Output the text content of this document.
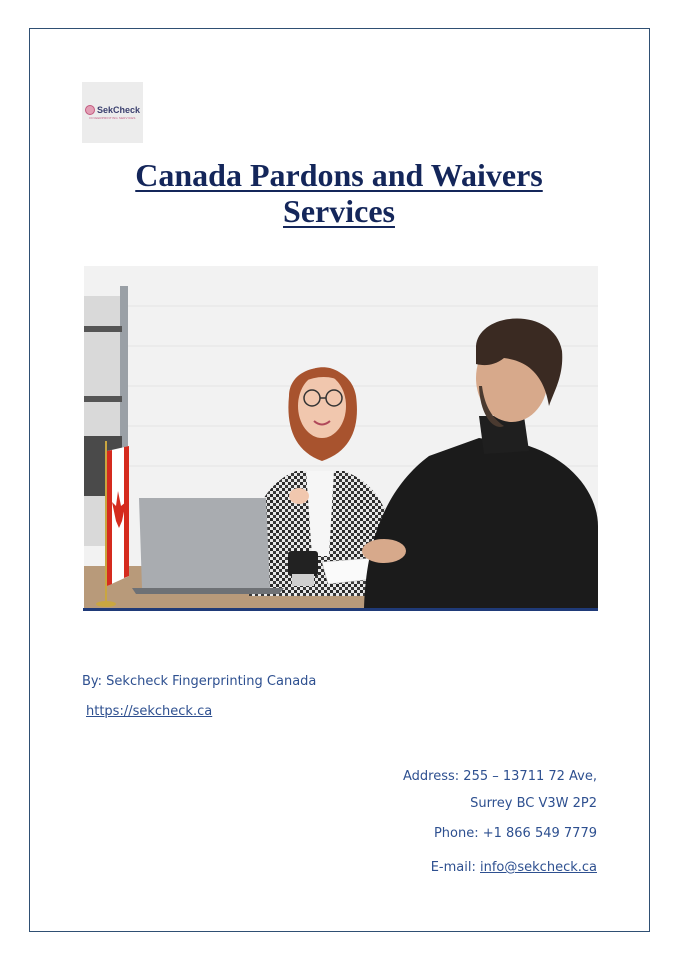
SekCheck
FINGERPRINTING SERVICES
Canada Pardons and Waivers
Services
By: Sekcheck Fingerprinting Canada
https://sekcheck.ca
Address: 255 – 13711 72 Ave,
Surrey BC V3W 2P2
Phone: +1 866 549 7779
E-mail: info@sekcheck.ca
